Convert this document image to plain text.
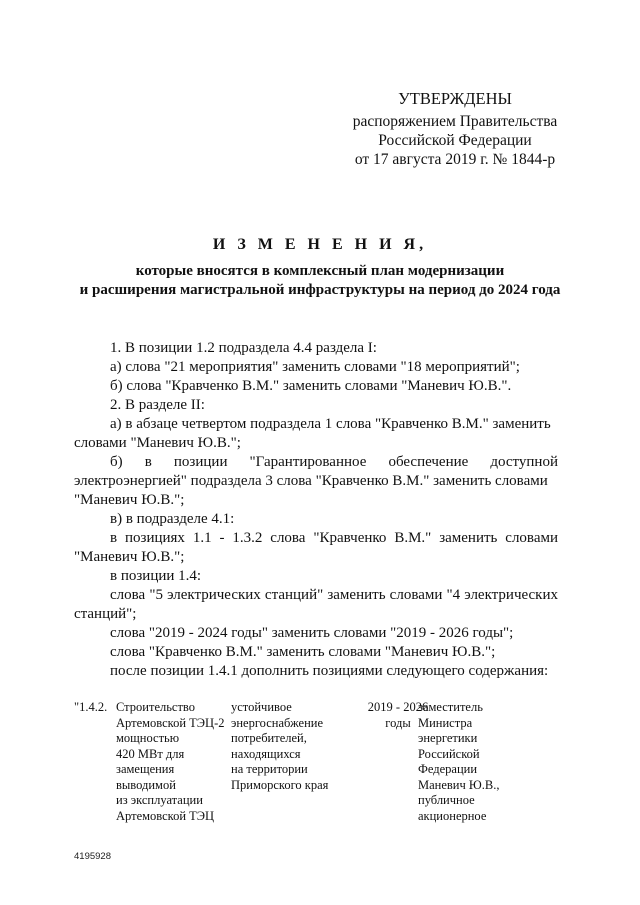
УТВЕРЖДЕНЫ
распоряжением Правительства
Российской Федерации
от 17 августа 2019 г. № 1844-р
И З М Е Н Е Н И Я,
которые вносятся в комплексный план модернизации
и расширения магистральной инфраструктуры на период до 2024 года
1. В позиции 1.2 подраздела 4.4 раздела I:
а) слова "21 мероприятия" заменить словами "18 мероприятий";
б) слова "Кравченко В.М." заменить словами "Маневич Ю.В.".
2. В разделе II:
а) в абзаце четвертом подраздела 1 слова "Кравченко В.М." заменить
словами "Маневич Ю.В.";
б) в позиции "Гарантированное обеспечение доступной
электроэнергией" подраздела 3 слова "Кравченко В.М." заменить словами
"Маневич Ю.В.";
в) в подразделе 4.1:
в позициях 1.1 - 1.3.2 слова "Кравченко В.М." заменить словами
"Маневич Ю.В.";
в позиции 1.4:
слова "5 электрических станций" заменить словами "4 электрических
станций";
слова "2019 - 2024 годы" заменить словами "2019 - 2026 годы";
слова "Кравченко В.М." заменить словами "Маневич Ю.В.";
после позиции 1.4.1 дополнить позициями следующего содержания:
"1.4.2. Строительство
Артемовской ТЭЦ-2
мощностью
420 МВт для
замещения
выводимой
из эксплуатации
Артемовской ТЭЦ
устойчивое
энергоснабжение
потребителей,
находящихся
на территории
Приморского края
2019 - 2026
годы
заместитель
Министра
энергетики
Российской
Федерации
Маневич Ю.В.,
публичное
акционерное
4195928
